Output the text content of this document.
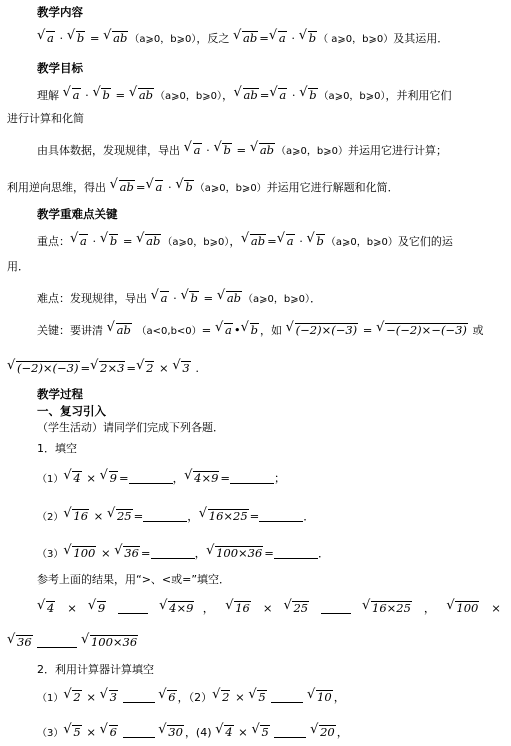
教学内容
√ a · √ b = √ ab （a⩾0，b⩾0），反之 √ ab = √ a · √ b （ a⩾0，b⩾0）及其运用．
教学目标
理解 √ a · √ b = √ ab （a⩾0，b⩾0）， √ ab = √ a · √ b （a⩾0，b⩾0），并利用它们
进行计算和化简
由具体数据，发现规律，导出 √ a · √ b = √ ab （a⩾0，b⩾0）并运用它进行计算；
利用逆向思维，得出 √ ab = √ a · √ b （a⩾0，b⩾0）并运用它进行解题和化简．
教学重难点关键
重点： √ a · √ b = √ ab （a⩾0，b⩾0）， √ ab = √ a · √ b （a⩾0，b⩾0）及它们的运
用．
难点：发现规律，导出 √ a · √ b = √ ab （a⩾0，b⩾0）．
关键：要讲清 √ ab （a<0,b<0）= √ a • √ b ，如 √ (−2)×(−3) = √ −(−2)×−(−3) 或
√ (−2)×(−3) = √ 2×3 = √ 2 × √ 3 .
教学过程
一、复习引入
（学生活动）请同学们完成下列各题．
1．填空
（1） √ 4 × √ 9 =	， √ 4×9 =	；
（2） √ 16 × √ 25 =	， √ 16×25 =	．
（3） √ 100 × √ 36 =	， √ 100×36 =	．
参考上面的结果，用“>、<或=”填空．
√ 4   ×   √ 9	√ 4×9  ，   √ 16   ×   √ 25	√ 16×25   ，   √ 100   ×
√ 36	√ 100×36
2．利用计算器计算填空
（1） √ 2 × √ 3	√ 6 ，（2） √ 2 × √ 5	√ 10 ，
（3） √ 5 × √ 6	√ 30 ，(4) √ 4 × √ 5	√ 20 ，
